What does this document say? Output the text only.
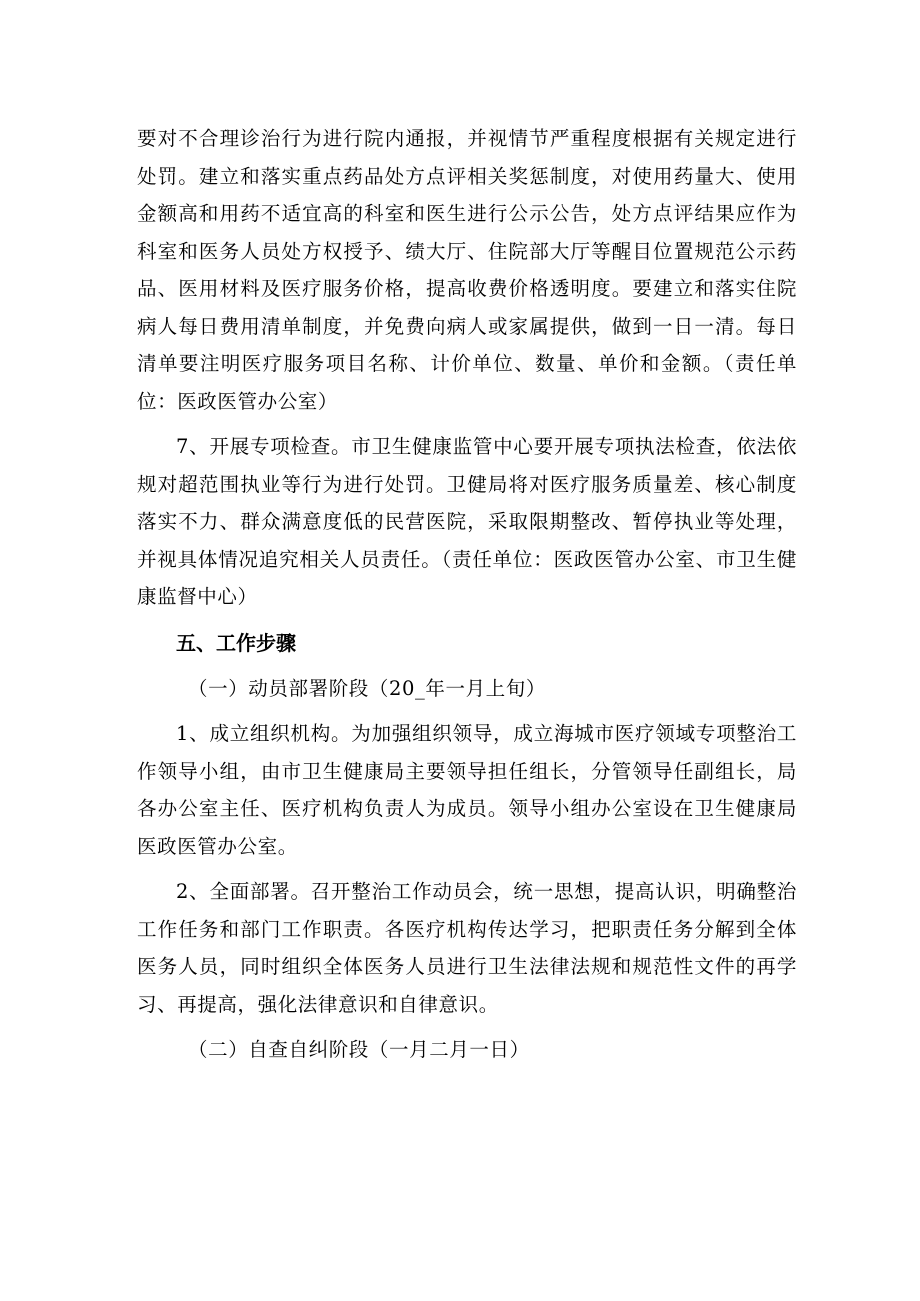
要对不合理诊治行为进行院内通报，并视情节严重程度根据有关规定进行处罚。建立和落实重点药品处方点评相关奖惩制度，对使用药量大、使用金额高和用药不适宜高的科室和医生进行公示公告，处方点评结果应作为科室和医务人员处方权授予、绩大厅、住院部大厅等醒目位置规范公示药品、医用材料及医疗服务价格，提高收费价格透明度。要建立和落实住院病人每日费用清单制度，并免费向病人或家属提供，做到一日一清。每日清单要注明医疗服务项目名称、计价单位、数量、单价和金额。（责任单位：医政医管办公室）

7、开展专项检查。市卫生健康监管中心要开展专项执法检查，依法依规对超范围执业等行为进行处罚。卫健局将对医疗服务质量差、核心制度落实不力、群众满意度低的民营医院，采取限期整改、暂停执业等处理，并视具体情况追究相关人员责任。（责任单位：医政医管办公室、市卫生健康监督中心）

五、工作步骤

（一）动员部署阶段（20_年一月上旬）

1、成立组织机构。为加强组织领导，成立海城市医疗领域专项整治工作领导小组，由市卫生健康局主要领导担任组长，分管领导任副组长，局各办公室主任、医疗机构负责人为成员。领导小组办公室设在卫生健康局医政医管办公室。

2、全面部署。召开整治工作动员会，统一思想，提高认识，明确整治工作任务和部门工作职责。各医疗机构传达学习，把职责任务分解到全体医务人员，同时组织全体医务人员进行卫生法律法规和规范性文件的再学习、再提高，强化法律意识和自律意识。

（二）自查自纠阶段（一月二月一日）
